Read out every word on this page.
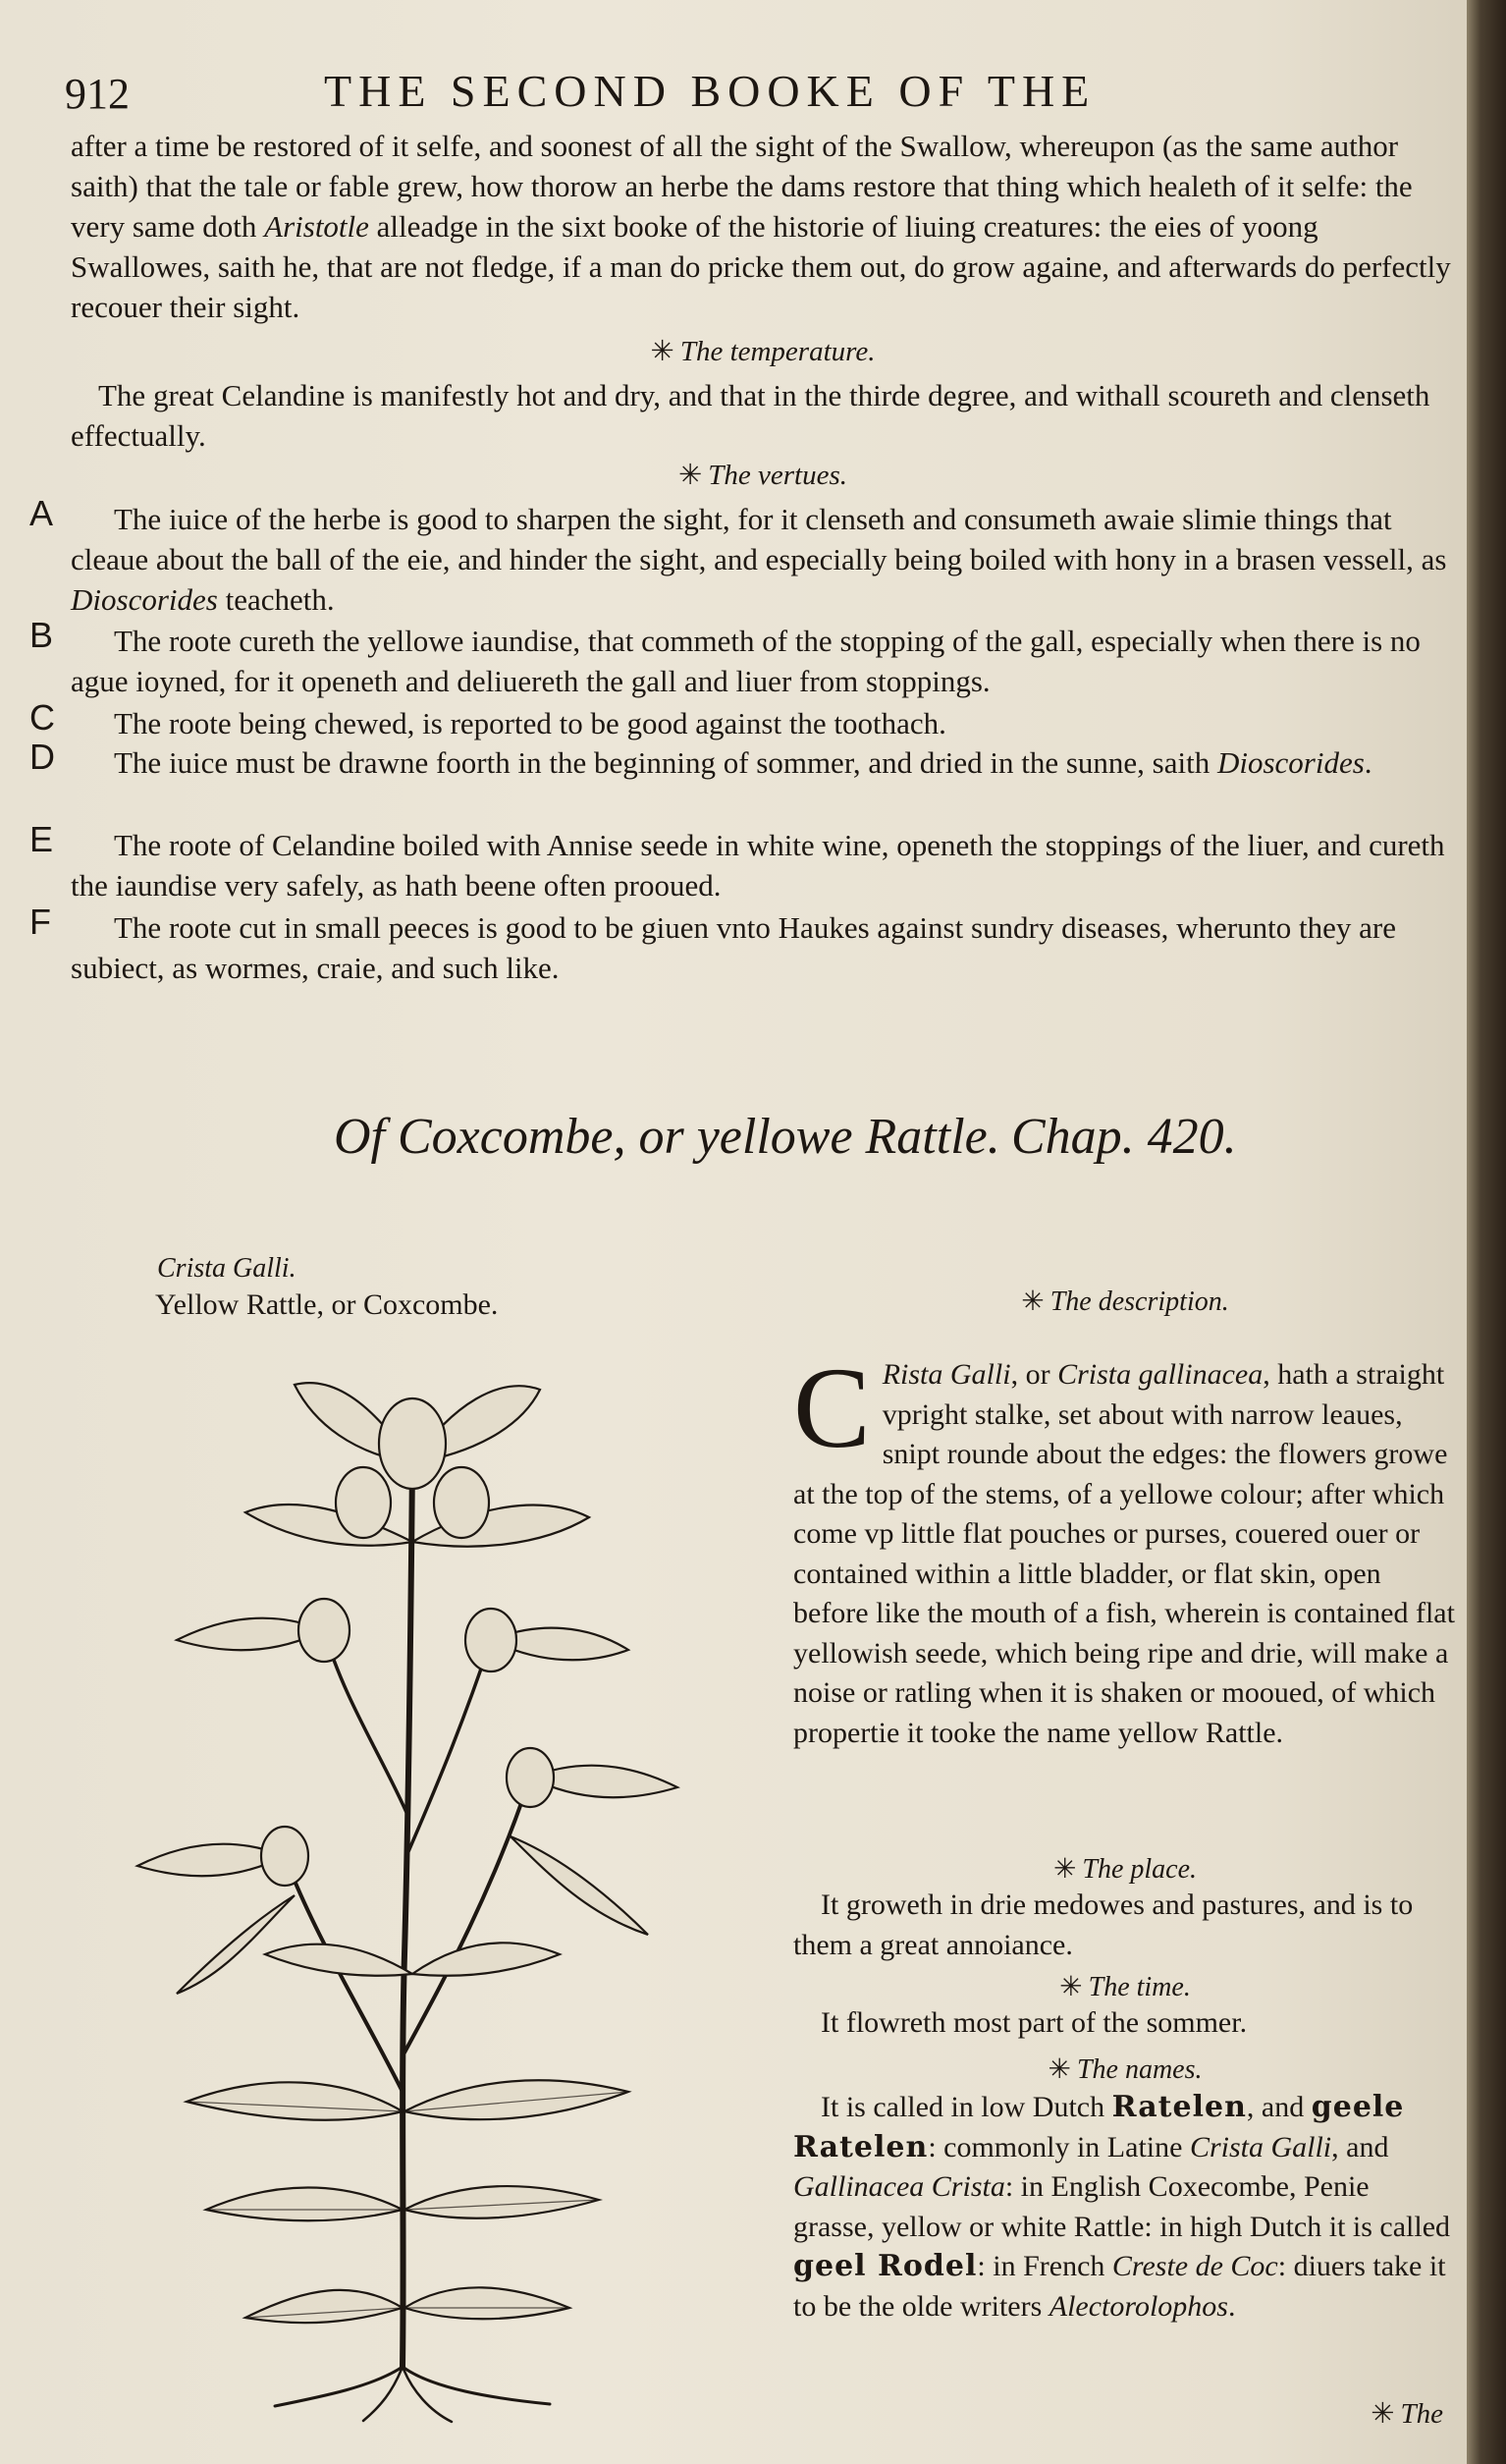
912	THE SECOND BOOKE OF THE

after a time be restored of it selfe, and soonest of all the sight of the Swallow, whereupon (as the same author saith) that the tale or fable grew, how thorow an herbe the dams restore that thing which healeth of it selfe: the very same doth Aristotle alleadge in the sixt booke of the historie of liuing creatures: the eies of yoong Swallowes, saith he, that are not fledge, if a man do pricke them out, do grow againe, and afterwards do perfectly recouer their sight.

✳ The temperature.

The great Celandine is manifestly hot and dry, and that in the thirde degree, and withall scoureth and clenseth effectually.

✳ The vertues.
A	The iuice of the herbe is good to sharpen the sight, for it clenseth and consumeth awaie slimie things that cleaue about the ball of the eie, and hinder the sight, and especially being boiled with hony in a brasen vessell, as Dioscorides teacheth.

B	The roote cureth the yellowe iaundise, that commeth of the stopping of the gall, especially when there is no ague ioyned, for it openeth and deliuereth the gall and liuer from stoppings.

C	The roote being chewed, is reported to be good against the toothach.

D	The iuice must be drawne foorth in the beginning of sommer, and dried in the sunne, saith Dioscorides.

E	The roote of Celandine boiled with Annise seede in white wine, openeth the stoppings of the liuer, and cureth the iaundise very safely, as hath beene often prooued.

F	The roote cut in small peeces is good to be giuen vnto Haukes against sundry diseases, wherunto they are subiect, as wormes, craie, and such like.

Of Coxcombe, or yellowe Rattle. Chap. 420.
Crista Galli.
Yellow Rattle, or Coxcombe.	✳ The description.

C Rista Galli, or Crista gallinacea, hath a straight vpright stalke, set about with narrow leaues, snipt rounde about the edges: the flowers growe at the top of the stems, of a yellowe colour; after which come vp little flat pouches or purses, couered ouer or contained within a little bladder, or flat skin, open before like the mouth of a fish, wherein is contained flat yellowish seede, which being ripe and drie, will make a noise or ratling when it is shaken or mooued, of which propertie it tooke the name yellow Rattle.

✳ The place.

It groweth in drie medowes and pastures, and is to them a great annoiance.

✳ The time.

It flowreth most part of the sommer.

✳ The names.

It is called in low Dutch Ratelen, and geele Ratelen: commonly in Latine Crista Galli, and Gallinacea Crista: in English Coxecombe, Penie grasse, yellow or white Rattle: in high Dutch it is called geel Rodel: in French Creste de Coc: diuers take it to be the olde writers Alectorolophos.

✳ The
